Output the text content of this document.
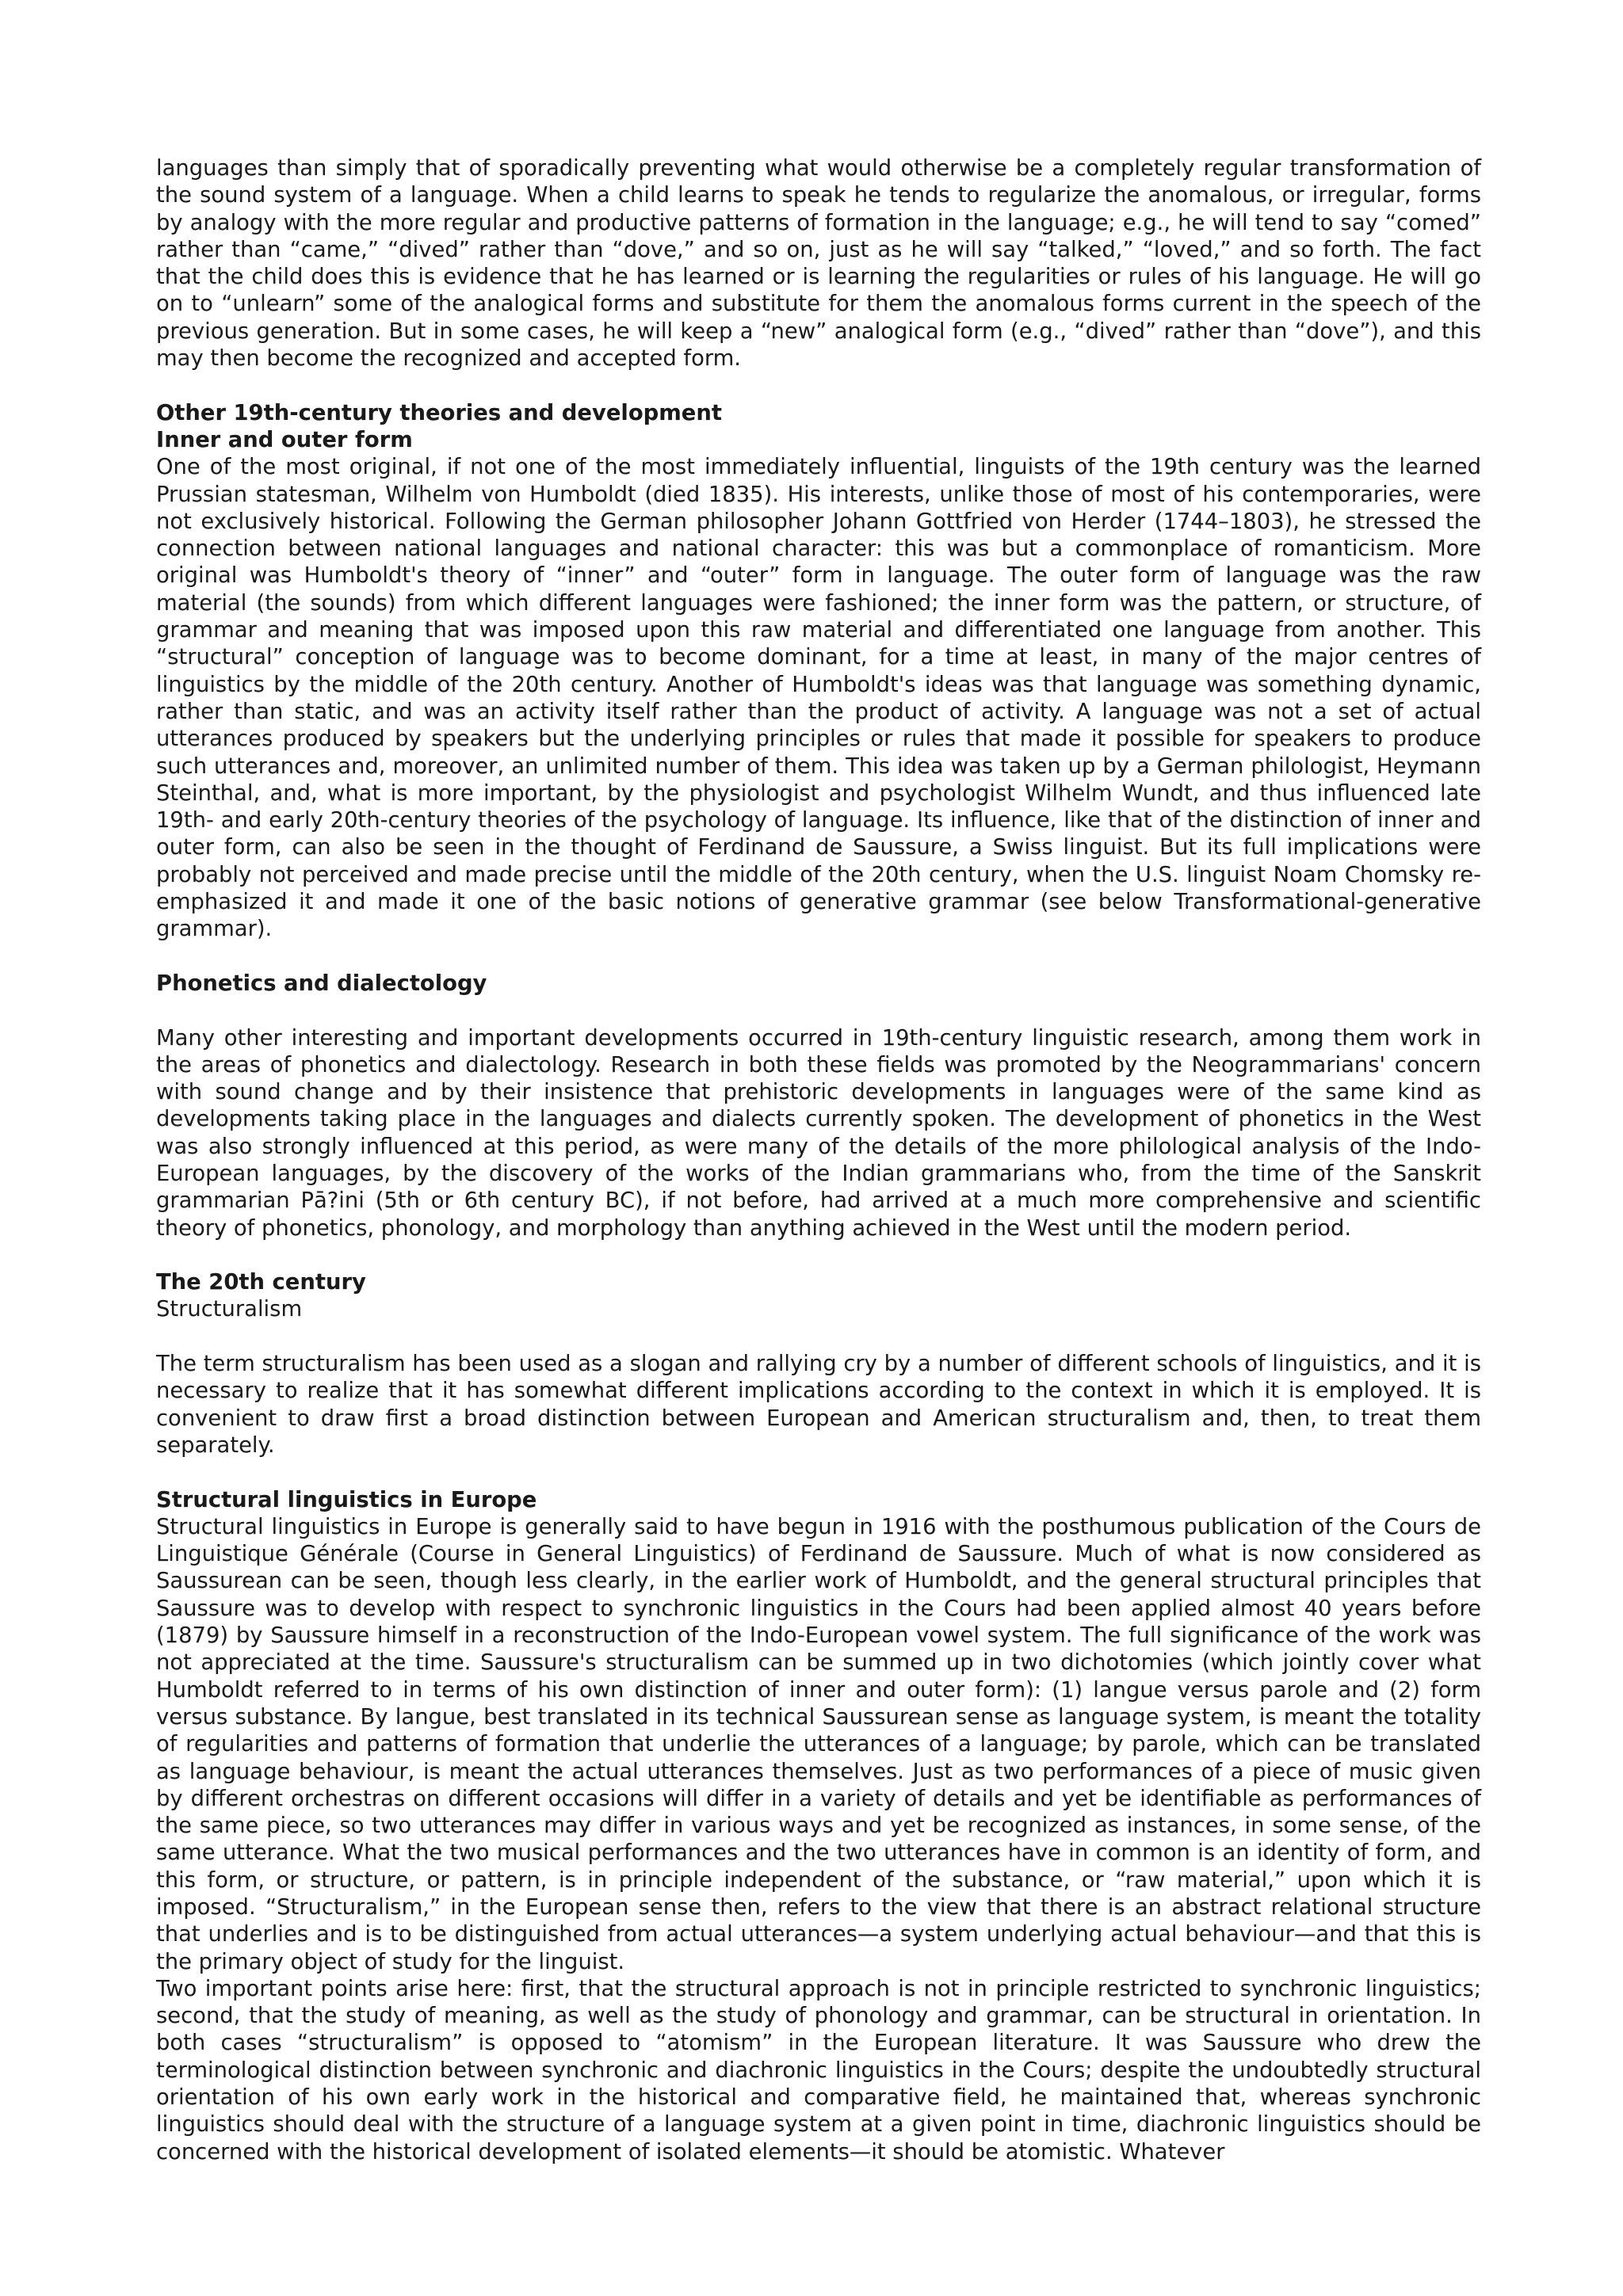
languages than simply that of sporadically preventing what would otherwise be a completely regular transformation of the sound system of a language. When a child learns to speak he tends to regularize the anomalous, or irregular, forms by analogy with the more regular and productive patterns of formation in the language; e.g., he will tend to say “comed” rather than “came,” “dived” rather than “dove,” and so on, just as he will say “talked,” “loved,” and so forth. The fact that the child does this is evidence that he has learned or is learning the regularities or rules of his language. He will go on to “unlearn” some of the analogical forms and substitute for them the anomalous forms current in the speech of the previous generation. But in some cases, he will keep a “new” analogical form (e.g., “dived” rather than “dove”), and this may then become the recognized and accepted form.

Other 19th-century theories and development
Inner and outer form

One of the most original, if not one of the most immediately influential, linguists of the 19th century was the learned Prussian statesman, Wilhelm von Humboldt (died 1835). His interests, unlike those of most of his contemporaries, were not exclusively historical. Following the German philosopher Johann Gottfried von Herder (1744–1803), he stressed the connection between national languages and national character: this was but a commonplace of romanticism. More original was Humboldt's theory of “inner” and “outer” form in language. The outer form of language was the raw material (the sounds) from which different languages were fashioned; the inner form was the pattern, or structure, of grammar and meaning that was imposed upon this raw material and differentiated one language from another. This “structural” conception of language was to become dominant, for a time at least, in many of the major centres of linguistics by the middle of the 20th century. Another of Humboldt's ideas was that language was something dynamic, rather than static, and was an activity itself rather than the product of activity. A language was not a set of actual utterances produced by speakers but the underlying principles or rules that made it possible for speakers to produce such utterances and, moreover, an unlimited number of them. This idea was taken up by a German philologist, Heymann Steinthal, and, what is more important, by the physiologist and psychologist Wilhelm Wundt, and thus influenced late 19th- and early 20th-century theories of the psychology of language. Its influence, like that of the distinction of inner and outer form, can also be seen in the thought of Ferdinand de Saussure, a Swiss linguist. But its full implications were probably not perceived and made precise until the middle of the 20th century, when the U.S. linguist Noam Chomsky re-emphasized it and made it one of the basic notions of generative grammar (see below Transformational-generative grammar).

Phonetics and dialectology

Many other interesting and important developments occurred in 19th-century linguistic research, among them work in the areas of phonetics and dialectology. Research in both these fields was promoted by the Neogrammarians' concern with sound change and by their insistence that prehistoric developments in languages were of the same kind as developments taking place in the languages and dialects currently spoken. The development of phonetics in the West was also strongly influenced at this period, as were many of the details of the more philological analysis of the Indo-European languages, by the discovery of the works of the Indian grammarians who, from the time of the Sanskrit grammarian Pā?ini (5th or 6th century BC), if not before, had arrived at a much more comprehensive and scientific theory of phonetics, phonology, and morphology than anything achieved in the West until the modern period.

The 20th century
Structuralism

The term structuralism has been used as a slogan and rallying cry by a number of different schools of linguistics, and it is necessary to realize that it has somewhat different implications according to the context in which it is employed. It is convenient to draw first a broad distinction between European and American structuralism and, then, to treat them separately.

Structural linguistics in Europe

Structural linguistics in Europe is generally said to have begun in 1916 with the posthumous publication of the Cours de Linguistique Générale (Course in General Linguistics) of Ferdinand de Saussure. Much of what is now considered as Saussurean can be seen, though less clearly, in the earlier work of Humboldt, and the general structural principles that Saussure was to develop with respect to synchronic linguistics in the Cours had been applied almost 40 years before (1879) by Saussure himself in a reconstruction of the Indo-European vowel system. The full significance of the work was not appreciated at the time. Saussure's structuralism can be summed up in two dichotomies (which jointly cover what Humboldt referred to in terms of his own distinction of inner and outer form): (1) langue versus parole and (2) form versus substance. By langue, best translated in its technical Saussurean sense as language system, is meant the totality of regularities and patterns of formation that underlie the utterances of a language; by parole, which can be translated as language behaviour, is meant the actual utterances themselves. Just as two performances of a piece of music given by different orchestras on different occasions will differ in a variety of details and yet be identifiable as performances of the same piece, so two utterances may differ in various ways and yet be recognized as instances, in some sense, of the same utterance. What the two musical performances and the two utterances have in common is an identity of form, and this form, or structure, or pattern, is in principle independent of the substance, or “raw material,” upon which it is imposed. “Structuralism,” in the European sense then, refers to the view that there is an abstract relational structure that underlies and is to be distinguished from actual utterances—a system underlying actual behaviour—and that this is the primary object of study for the linguist.

Two important points arise here: first, that the structural approach is not in principle restricted to synchronic linguistics; second, that the study of meaning, as well as the study of phonology and grammar, can be structural in orientation. In both cases “structuralism” is opposed to “atomism” in the European literature. It was Saussure who drew the terminological distinction between synchronic and diachronic linguistics in the Cours; despite the undoubtedly structural orientation of his own early work in the historical and comparative field, he maintained that, whereas synchronic linguistics should deal with the structure of a language system at a given point in time, diachronic linguistics should be concerned with the historical development of isolated elements—it should be atomistic. Whatever
